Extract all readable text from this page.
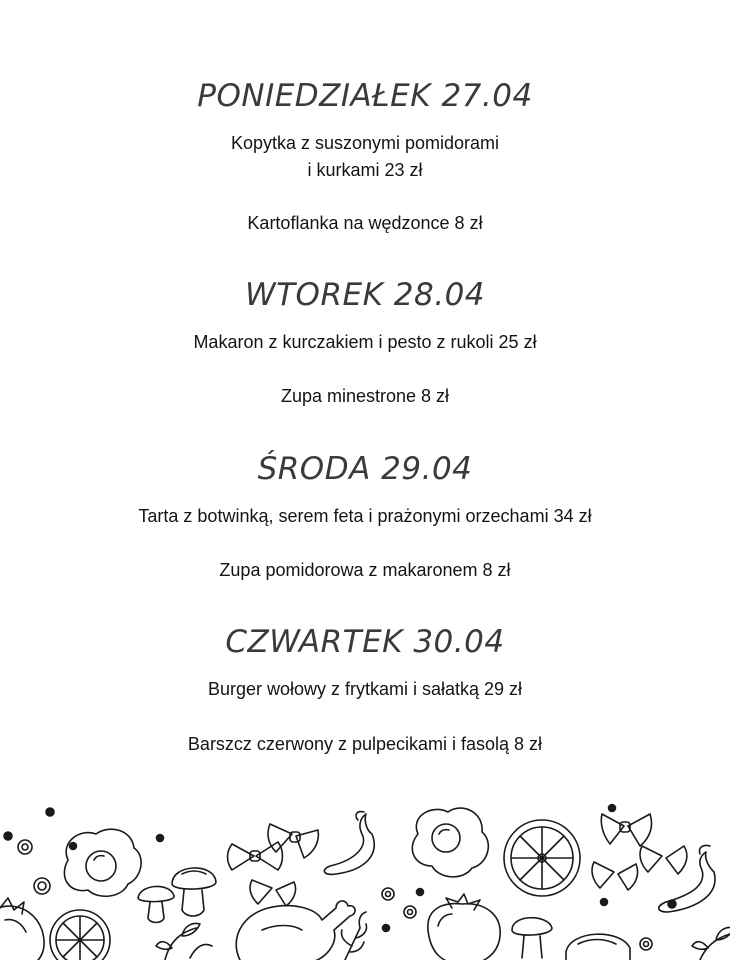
PONIEDZIAŁEK 27.04
Kopytka z suszonymi pomidorami
i kurkami 23 zł
Kartoflanka na wędzonce 8 zł
WTOREK 28.04
Makaron z kurczakiem i pesto z rukoli 25 zł
Zupa minestrone 8 zł
ŚRODA 29.04
Tarta z botwinką, serem feta i prażonymi orzechami 34 zł
Zupa pomidorowa z makaronem 8 zł
CZWARTEK 30.04
Burger wołowy z frytkami i sałatką 29 zł
Barszcz czerwony z pulpecikami i fasolą 8 zł
